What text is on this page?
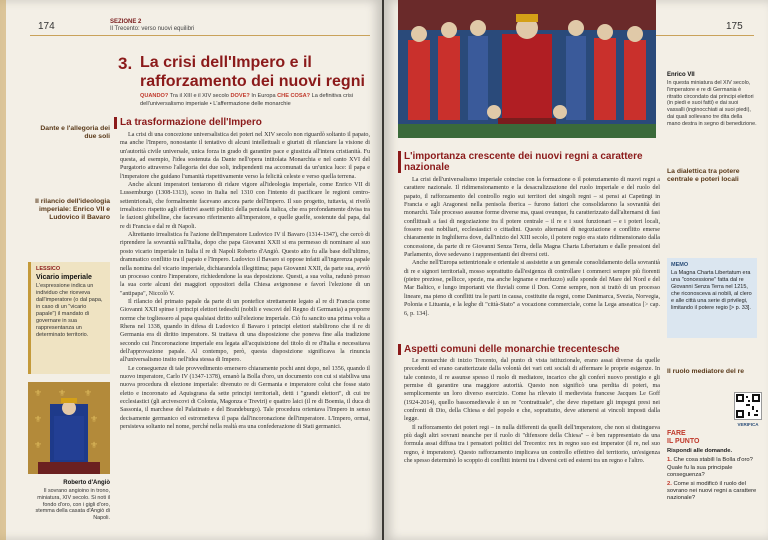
174	SEZIONE 2
Il Trecento: verso nuovi equilibri
3. La crisi dell'Impero e il rafforzamento dei nuovi regni
QUANDO? Tra il XIII e il XIV secolo DOVE? In Europa CHE COSA? La definitiva crisi dell'universalismo imperiale • L'affermazione delle monarchie
La trasformazione dell'Impero
Dante e l'allegoria dei due soli
Il rilancio dell'ideologia imperiale: Enrico VII e Ludovico il Bavaro
LESSICO
Vicario imperiale
L'espressione indica un individuo che riceveva dall'imperatore (o dal papa, in caso di un "vicario papale") il mandato di governare in sua rappresentanza un determinato territorio.
⚜ ⚜ ⚜
⚜	⚜
⚜	⚜
Roberto d'Angiò
Il sovrano angioino in trono, miniatura, XIV secolo. Si noti il fondo d'oro, con i gigli d'oro, stemma della casata d'Angiò di Napoli.

La crisi di una concezione universalistica dei poteri nel XIV secolo non riguardò soltanto il papato, ma anche l'Impero, nonostante il tentativo di alcuni intellettuali e giuristi di rilanciare la visione di un'autorità civile universale, unica forza in grado di garantire pace e giustizia all'intera cristianità. Fu questa, ad esempio, l'idea sostenuta da Dante nell'opera intitolata Monarchia e nel canto XVI del Purgatorio attraverso l'allegoria dei due soli, indipendenti ma accomunati da un'unica luce: il papa e l'imperatore che guidano l'umanità rispettivamente verso la felicità celeste e verso quella terrena.

Anche alcuni imperatori tentarono di ridare vigore all'ideologia imperiale, come Enrico VII di Lussemburgo (1308-1313), sceso in Italia nel 1310 con l'intento di pacificare le regioni centro-settentrionali, che formalmente facevano ancora parte dell'Impero. Il suo progetto, tuttavia, si rivelò irrealistico rispetto agli effettivi assetti politici della penisola italica, che era profondamente divisa tra le fazioni ghibelline, che facevano riferimento all'imperatore, e quelle guelfe, sostenute dal papa, dal re di Francia e dal re di Napoli.

Altrettanto irrealistica fu l'azione dell'imperatore Ludovico IV il Bavaro (1314-1347), che cercò di riprendere la sovranità sull'Italia, dopo che papa Giovanni XXII si era permesso di nominare al suo posto vicario imperiale in Italia il re di Napoli Roberto d'Angiò. Questo atto fu alla base dell'ultimo, drammatico conflitto tra il papato e l'Impero. Ludovico il Bavaro si oppose infatti all'ingerenza papale nella nomina del vicario imperiale, dichiarandola illegittima; papa Giovanni XXII, da parte sua, avviò un processo contro l'imperatore, richiedendone la sua deposizione. Questi, a sua volta, radunò presso la sua corte alcuni dei maggiori oppositori della Chiesa avignonese e favorì l'elezione di un "antipapa", Niccolò V.

Il rilancio del primato papale da parte di un pontefice strettamente legato al re di Francia come Giovanni XXII spinse i principi elettori tedeschi (nobili e vescovi del Regno di Germania) a proporre norme che togliessero al papa qualsiasi diritto sull'elezione imperiale. Ciò fu sancito una prima volta a Rhens nel 1338, quando in difesa di Ludovico il Bavaro i principi elettori stabilirono che il re di Germania era di diritto imperatore. Si trattava di una disposizione che poneva fine alla tradizione secondo cui l'incoronazione imperiale era legata all'acquisizione del titolo di re d'Italia e necessitava dell'approvazione papale. Al contempo, però, questa disposizione significava la rinuncia all'universalismo insito nell'idea stessa di Impero.

Le conseguenze di tale provvedimento emersero chiaramente pochi anni dopo, nel 1356, quando il nuovo imperatore, Carlo IV (1347-1378), emanò la Bolla d'oro, un documento con cui si stabiliva una nuova procedura di elezione imperiale: divenuto re di Germania e imperatore colui che fosse stato eletto e incoronato ad Aquisgrana da sette principi territoriali, detti i "grandi elettori", di cui tre ecclesiastici (gli arcivescovi di Colonia, Magonza e Treviri) e quattro laici (il re di Boemia, il duca di Sassonia, il marchese del Palatinato e del Brandeburgo). Tale procedura orientava l'Impero in senso decisamente germanico ed estrometteva il papa dall'incoronazione dell'imperatore. L'Impero, ormai, persisteva soltanto nel nome, perché nella realtà era una confederazione di Stati germanici.

175
Enrico VII
In questa miniatura del XIV secolo, l'imperatore e re di Germania è ritratto circondato dai principi elettori (in piedi e suoi fatti) e dai suoi vassalli (inginocchiati ai suoi piedi), dai quali sollevano tre dita della mano destra in segno di benedizione.
L'importanza crescente dei nuovi regni a carattere nazionale	La dialettica tra potere centrale e poteri locali

La crisi dell'universalismo imperiale coincise con la formazione o il potenziamento di nuovi regni a carattere nazionale. Il ridimensionamento e la desacralizzazione del ruolo imperiale e del ruolo del papato, il rafforzamento del controllo regio sui territori dei singoli regni – si pensi ai Capetingi in Francia e agli Aragonesi nella penisola iberica – furono fattori che consolidarono la sovranità dei monarchi. Tale processo assunse forme diverse ma, quasi ovunque, fu caratterizzato dall'alternarsi di fasi conflittuali a fasi di negoziazione tra il potere centrale – il re e i suoi funzionari – e i poteri locali, fossero essi nobiliari, ecclesiastici o cittadini. Questo alternarsi di negoziazione e conflitto emerse chiaramente in Inghilterra dove, dall'inizio del XIII secolo, il potere regio era stato ridimensionato dalla concessione, da parte di re Giovanni Senza Terra, della Magna Charta Libertatum e dalle pressioni del Parlamento, dove sedevano i rappresentanti dei diversi ceti.

Anche nell'Europa settentrionale e orientale si assistette a un generale consolidamento della sovranità di re e signori territoriali, mosso soprattutto dall'esigenza di controllare i commerci sempre più fiorenti (pietre preziose, pellicce, spezie, ma anche legname e merluzzo) sulle sponde del Mare del Nord e del Mar Baltico, e lungo importanti vie fluviali come il Don. Come sempre, non si trattò di un processo lineare, ma pieno di conflitti tra le parti in causa, costituite da regni, come Danimarca, Svezia, Norvegia, Polonia e Lituania, e la leghe di "città-Stato" a vocazione commerciale, come la Lega anseatica [> cap. 6, p. 134].

MEMO
La Magna Charta Libertatum era una "concessione" fatta dal re Giovanni Senza Terra nel 1215, che riconosceva ai nobili, al clero e alle città una serie di privilegi, limitando il potere regio [> p. 33].
Aspetti comuni delle monarchie trecentesche
Il ruolo mediatore del re

Le monarchie di inizio Trecento, dal punto di vista istituzionale, erano assai diverse da quelle precedenti ed erano caratterizzate dalla volontà dei vari ceti sociali di affermare le proprie esigenze. In tale contesto, il re assunse spesso il ruolo di mediatore, incarico che gli conferì nuovo prestigio e gli permise di garantire una maggiore autorità. Questo non significò una perdita di poteri, ma semplicemente un loro diverso esercizio. Come ha rilevato il medievista francese Jacques Le Goff (1924-2014), quello bassomedievale è un re "contrattuale", che deve rispettare gli impegni presi nei confronti di Dio, della Chiesa e del popolo e che, soprattutto, deve attenersi ai vincoli imposti dalla legge.

Il rafforzamento dei poteri regi – in nulla differenti da quelli dell'imperatore, che non si distingueva più dagli altri sovrani neanche per il ruolo di "difensore della Chiesa" – è ben rappresentato da una formula assai diffusa tra i pensatori politici del Trecento: rex in regno suo est imperator (il re, nel suo regno, è imperatore). Questo rafforzamento implicava un controllo effettivo del territorio, un'esigenza che spesso determinò lo scoppio di conflitti interni tra i diversi ceti ed esterni tra un regno e l'altro.

VERIFICA
FARE
IL PUNTO
Rispondi alle domande.
1. Che cosa stabilì la Bolla d'oro? Quale fu la sua principale conseguenza?
2. Come si modificò il ruolo del sovrano nei nuovi regni a carattere nazionale?
